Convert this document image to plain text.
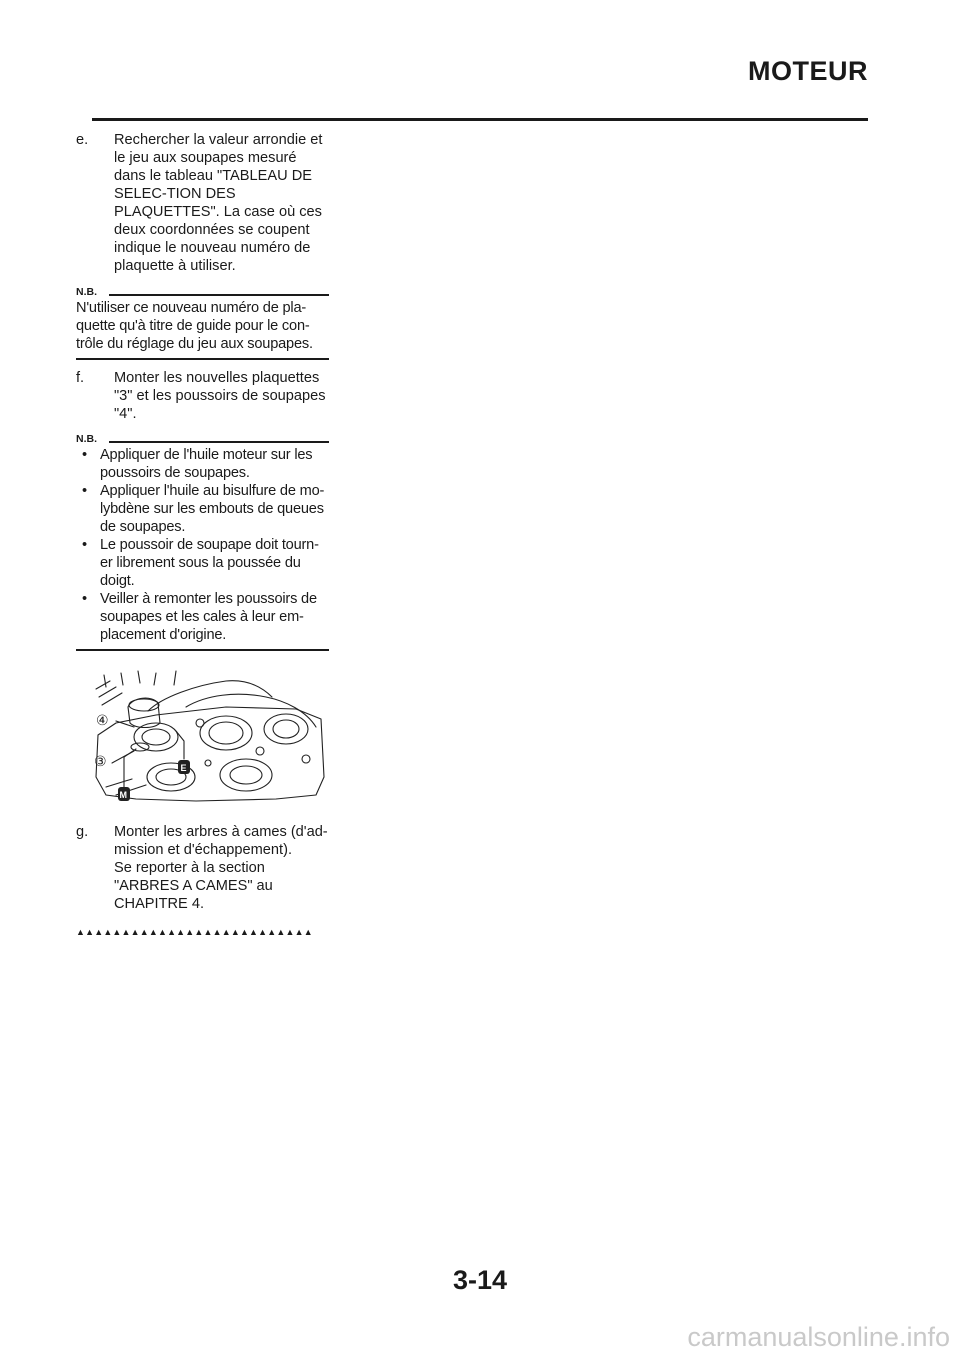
MOTEUR
e. Rechercher la valeur arrondie et le jeu aux soupapes mesuré dans le tableau "TABLEAU DE SELEC-TION DES PLAQUETTES". La case où ces deux coordonnées se coupent indique le nouveau numéro de plaquette à utiliser.
N.B.
N'utiliser ce nouveau numéro de pla-quette qu'à titre de guide pour le con-trôle du réglage du jeu aux soupapes.
f. Monter les nouvelles plaquettes "3" et les poussoirs de soupapes "4".
N.B.
• Appliquer de l'huile moteur sur les poussoirs de soupapes.
• Appliquer l'huile au bisulfure de mo-lybdène sur les embouts de queues de soupapes.
• Le poussoir de soupape doit tourn-er librement sous la poussée du doigt.
• Veiller à remonter les poussoirs de soupapes et les cales à leur em-placement d'origine.
④
③	E
M
g. Monter les arbres à cames (d'ad-mission et d'échappement).
Se reporter à la section "ARBRES A CAMES" au CHAPITRE 4.
▲▲▲▲▲▲▲▲▲▲▲▲▲▲▲▲▲▲▲▲▲▲▲▲▲▲
3-14
carmanualsonline.info
